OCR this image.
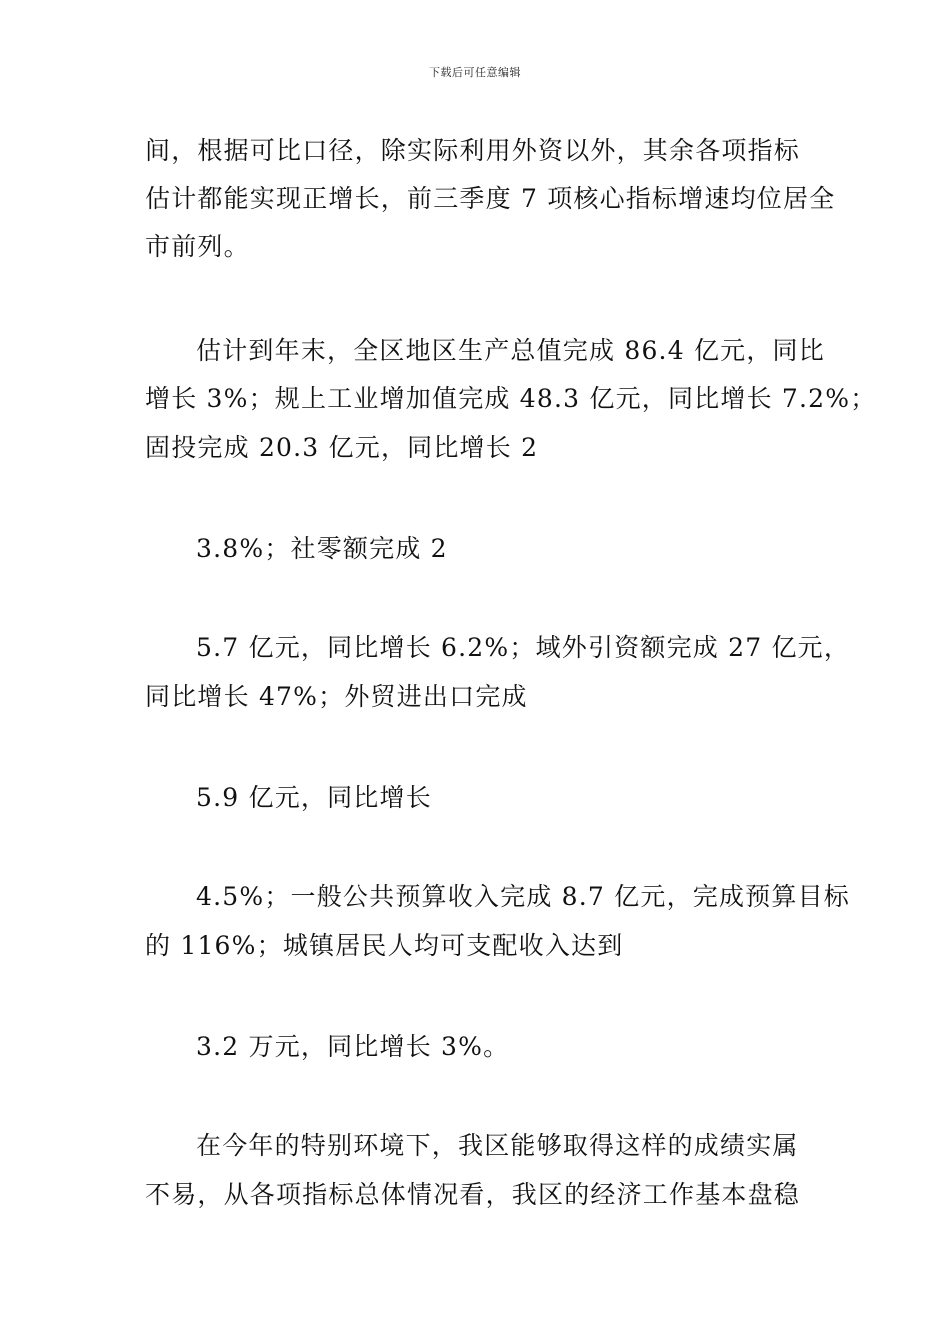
下载后可任意编辑
间，根据可比口径，除实际利用外资以外，其余各项指标
估计都能实现正增长，前三季度 7 项核心指标增速均位居全
市前列。
估计到年末，全区地区生产总值完成 86.4 亿元，同比
增长 3%；规上工业增加值完成 48.3 亿元，同比增长 7.2%；
固投完成 20.3 亿元，同比增长 2
3.8%；社零额完成 2
5.7 亿元，同比增长 6.2%；域外引资额完成 27 亿元，
同比增长 47%；外贸进出口完成
5.9 亿元，同比增长
4.5%；一般公共预算收入完成 8.7 亿元，完成预算目标
的 116%；城镇居民人均可支配收入达到
3.2 万元，同比增长 3%。
在今年的特别环境下，我区能够取得这样的成绩实属
不易，从各项指标总体情况看，我区的经济工作基本盘稳
